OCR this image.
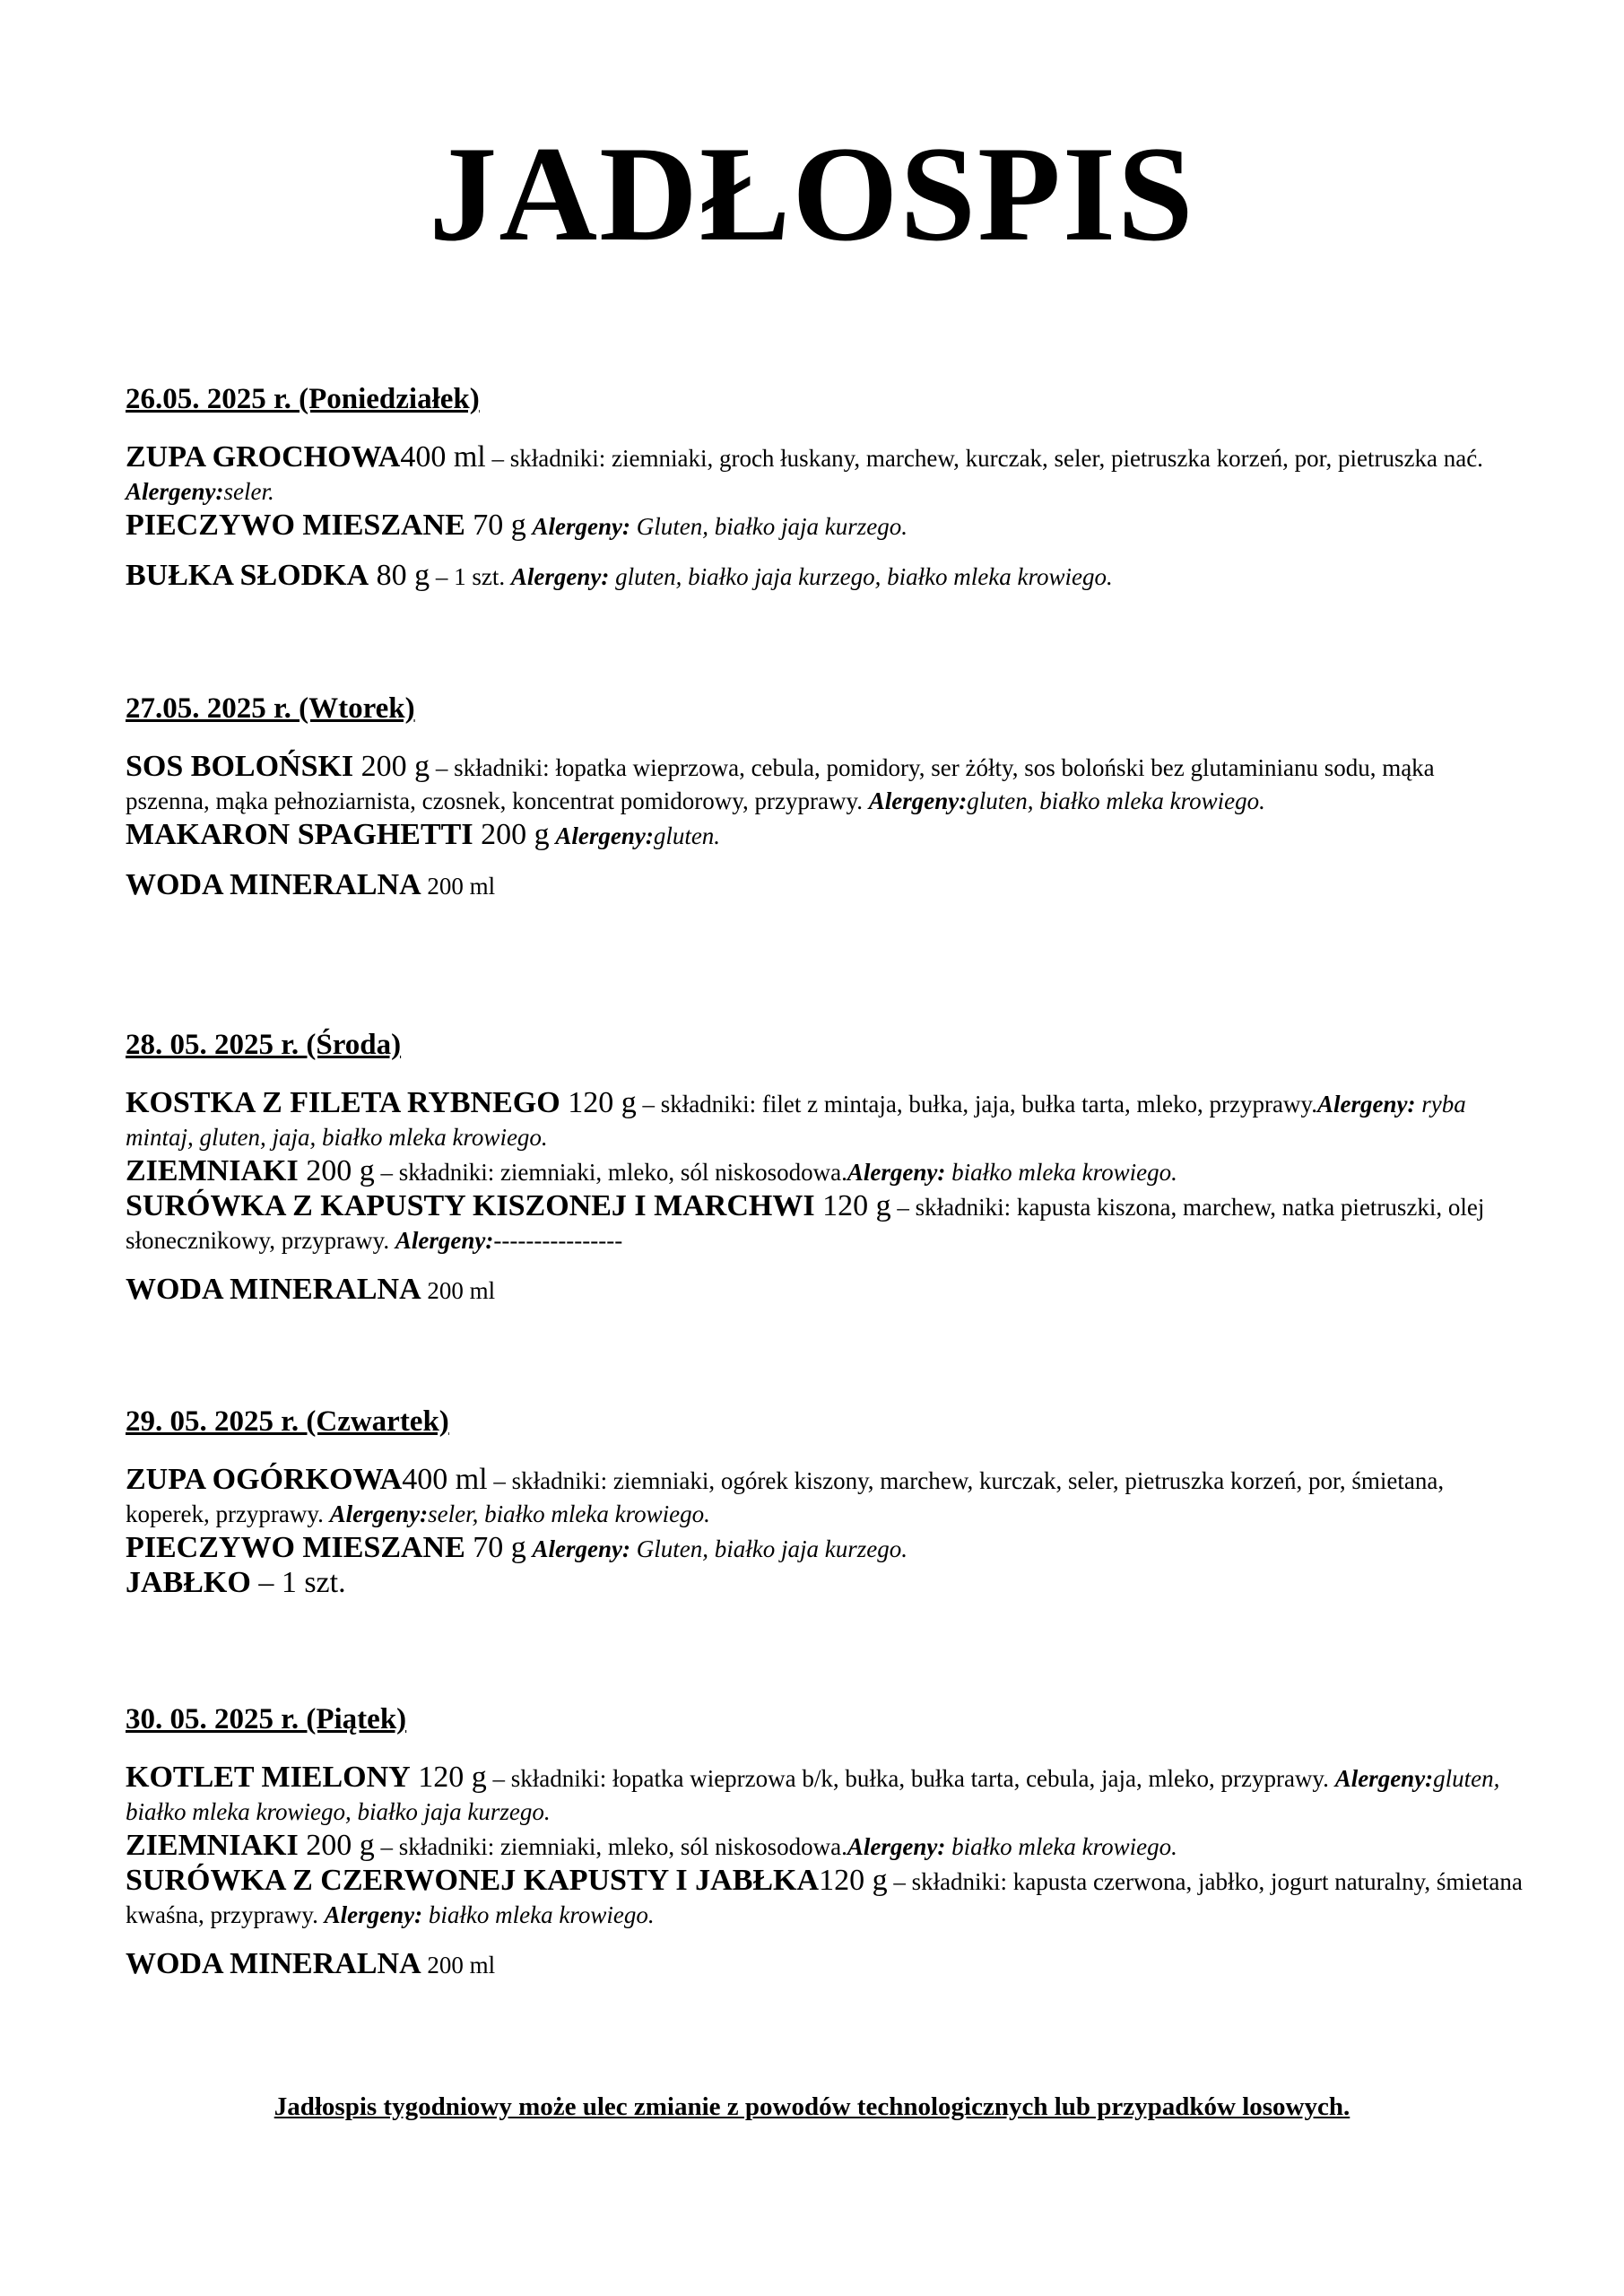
JADŁOSPIS
26.05. 2025 r. (Poniedziałek)
ZUPA GROCHOWA400 ml – składniki: ziemniaki, groch łuskany, marchew, kurczak, seler, pietruszka korzeń, por, pietruszka nać. Alergeny:seler.
PIECZYWO MIESZANE 70 g Alergeny: Gluten, białko jaja kurzego.
BUŁKA SŁODKA 80 g – 1 szt. Alergeny: gluten, białko jaja kurzego, białko mleka krowiego.
27.05. 2025 r. (Wtorek)
SOS BOLOŃSKI 200 g – składniki: łopatka wieprzowa, cebula, pomidory, ser żółty, sos boloński bez glutaminianu sodu, mąka pszenna, mąka pełnoziarnista, czosnek, koncentrat pomidorowy, przyprawy. Alergeny:gluten, białko mleka krowiego.
MAKARON SPAGHETTI 200 g Alergeny:gluten.
WODA MINERALNA 200 ml
28. 05. 2025 r. (Środa)
KOSTKA Z FILETA RYBNEGO 120 g – składniki: filet z mintaja, bułka, jaja, bułka tarta, mleko, przyprawy.Alergeny: ryba mintaj, gluten, jaja, białko mleka krowiego.
ZIEMNIAKI 200 g – składniki: ziemniaki, mleko, sól niskosodowa.Alergeny: białko mleka krowiego.
SURÓWKA Z KAPUSTY KISZONEJ I MARCHWI 120 g – składniki: kapusta kiszona, marchew, natka pietruszki, olej słonecznikowy, przyprawy. Alergeny:----------------
WODA MINERALNA 200 ml
29. 05. 2025 r. (Czwartek)
ZUPA OGÓRKOWA400 ml – składniki: ziemniaki, ogórek kiszony, marchew, kurczak, seler, pietruszka korzeń, por, śmietana, koperek, przyprawy. Alergeny:seler, białko mleka krowiego.
PIECZYWO MIESZANE 70 g Alergeny: Gluten, białko jaja kurzego.
JABŁKO – 1 szt.
30. 05. 2025 r. (Piątek)
KOTLET MIELONY 120 g – składniki: łopatka wieprzowa b/k, bułka, bułka tarta, cebula, jaja, mleko, przyprawy. Alergeny:gluten, białko mleka krowiego, białko jaja kurzego.
ZIEMNIAKI 200 g – składniki: ziemniaki, mleko, sól niskosodowa.Alergeny: białko mleka krowiego.
SURÓWKA Z CZERWONEJ KAPUSTY I JABŁKA120 g – składniki: kapusta czerwona, jabłko, jogurt naturalny, śmietana kwaśna, przyprawy. Alergeny: białko mleka krowiego.
WODA MINERALNA 200 ml
Jadłospis tygodniowy może ulec zmianie z powodów technologicznych lub przypadków losowych.
